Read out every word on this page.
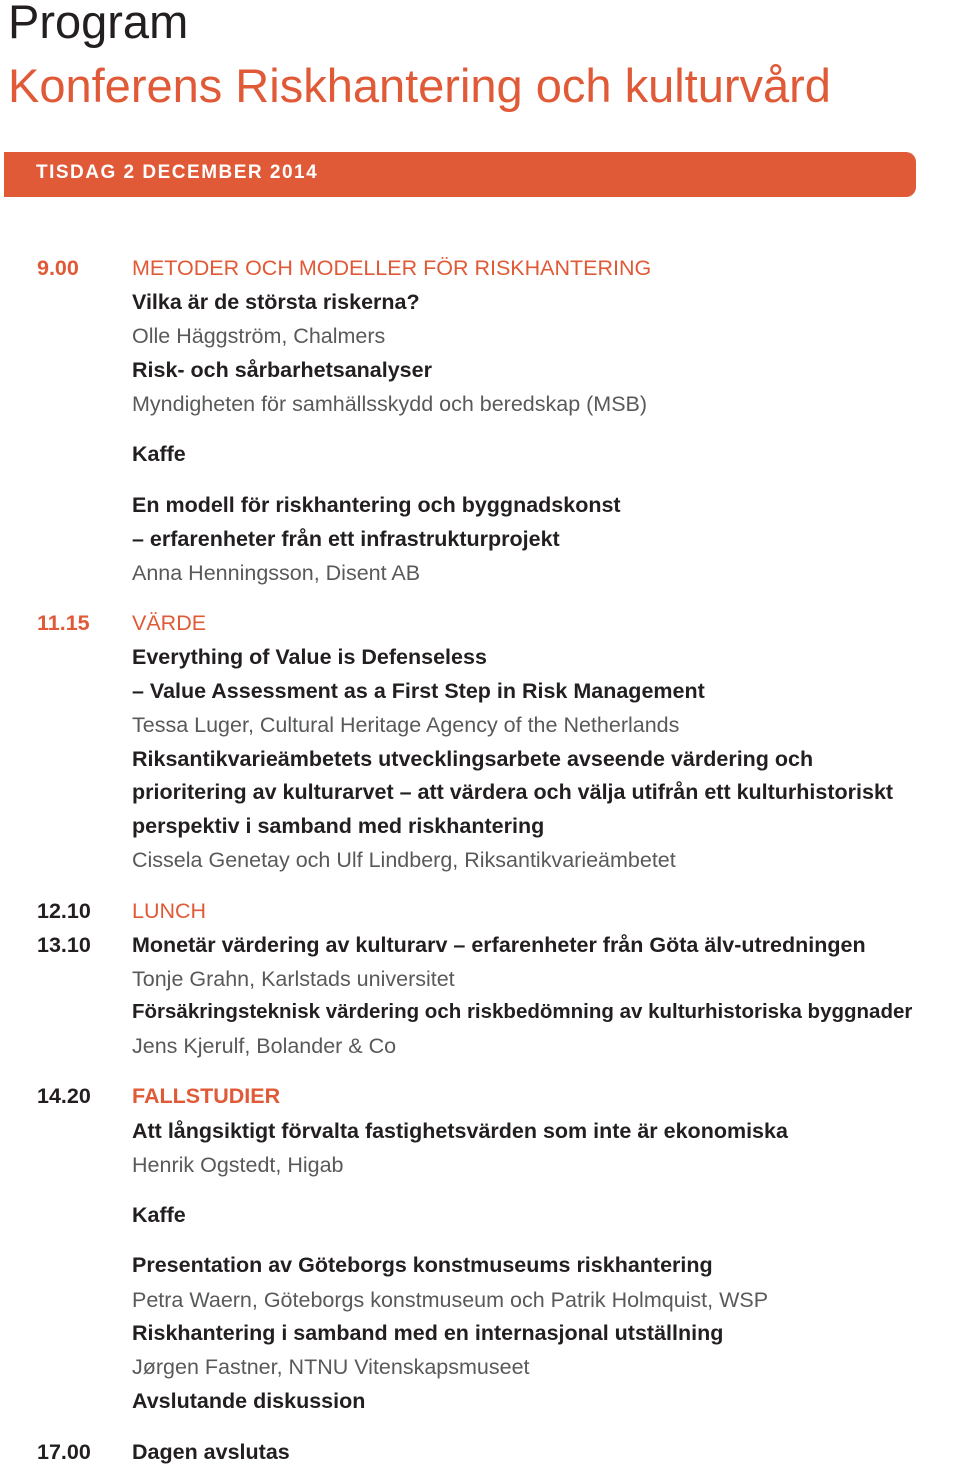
Program
Konferens Riskhantering och kulturvård
TISDAG 2 DECEMBER 2014
9.00 METODER OCH MODELLER FÖR RISKHANTERING
Vilka är de största riskerna?
Olle Häggström, Chalmers
Risk- och sårbarhetsanalyser
Myndigheten för samhällsskydd och beredskap (MSB)
Kaffe
En modell för riskhantering och byggnadskonst
– erfarenheter från ett infrastrukturprojekt
Anna Henningsson, Disent AB
11.15 VÄRDE
Everything of Value is Defenseless
– Value Assessment as a First Step in Risk Management
Tessa Luger, Cultural Heritage Agency of the Netherlands
Riksantikvarieämbetets utvecklingsarbete avseende värdering och
prioritering av kulturarvet – att värdera och välja utifrån ett kulturhistoriskt
perspektiv i samband med riskhantering
Cissela Genetay och Ulf Lindberg, Riksantikvarieämbetet
12.10 LUNCH
13.10 Monetär värdering av kulturarv – erfarenheter från Göta älv-utredningen
Tonje Grahn, Karlstads universitet
Försäkringsteknisk värdering och riskbedömning av kulturhistoriska byggnader
Jens Kjerulf, Bolander & Co
14.20 FALLSTUDIER
Att långsiktigt förvalta fastighetsvärden som inte är ekonomiska
Henrik Ogstedt, Higab
Kaffe
Presentation av Göteborgs konstmuseums riskhantering
Petra Waern, Göteborgs konstmuseum och Patrik Holmquist, WSP
Riskhantering i samband med en internasjonal utställning
Jørgen Fastner, NTNU Vitenskapsmuseet
Avslutande diskussion
17.00 Dagen avslutas
